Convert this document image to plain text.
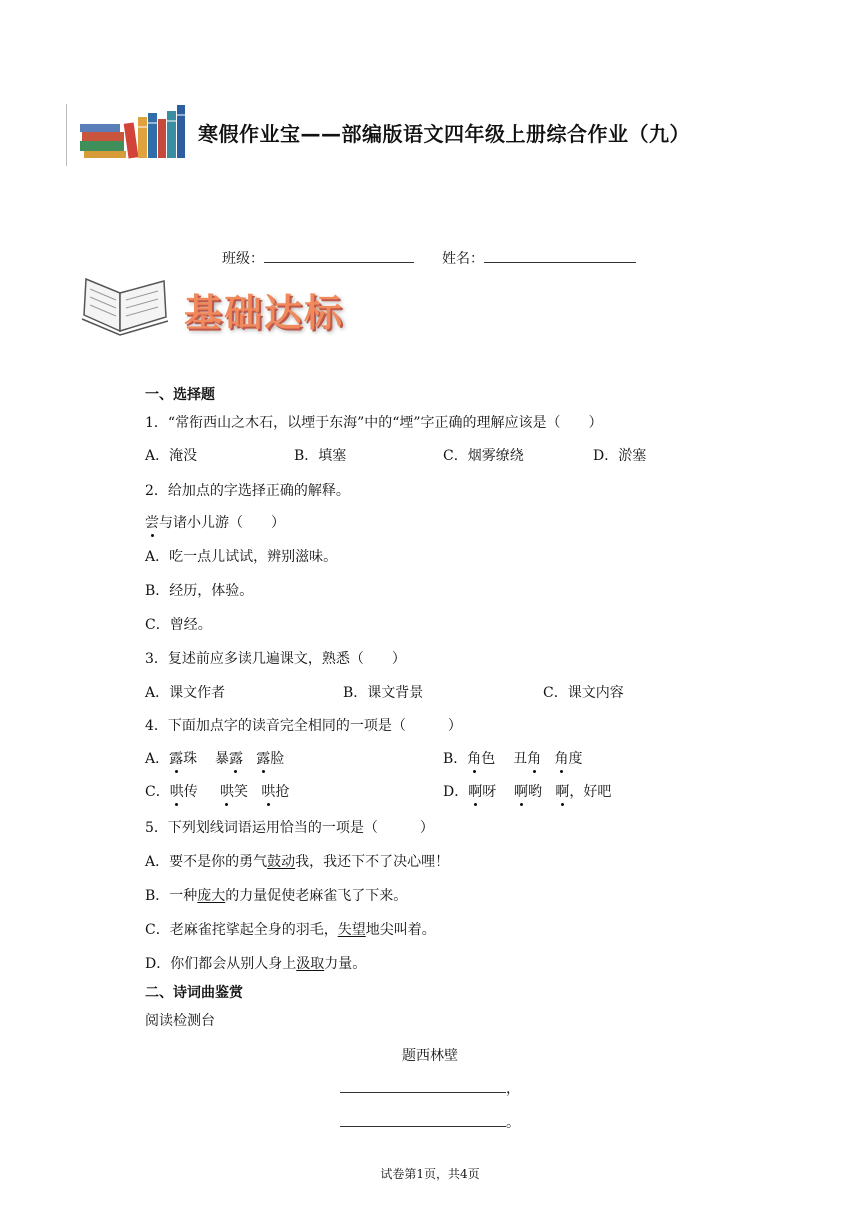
寒假作业宝——部编版语文四年级上册综合作业（九）
班级：	姓名：
基础达标
一、选择题
1．“常衔西山之木石，以堙于东海”中的“堙”字正确的理解应该是（　　）
A．淹没	B．填塞	C．烟雾缭绕	D．淤塞
2．给加点的字选择正确的解释。
尝与诸小儿游（　　）
A．吃一点儿试试，辨别滋味。
B．经历，体验。
C．曾经。
3．复述前应多读几遍课文，熟悉（　　）
A．课文作者	B．课文背景	C．课文内容
4．下面加点字的读音完全相同的一项是（　　　）
A．露珠 暴露 露脸	B．角色 丑角 角度
C．哄传 哄笑 哄抢	D．啊呀 啊哟 啊，好吧
5．下列划线词语运用恰当的一项是（　　　）
A．要不是你的勇气鼓动我，我还下不了决心哩！
B．一种庞大的力量促使老麻雀飞了下来。
C．老麻雀挓挲起全身的羽毛，失望地尖叫着。
D．你们都会从别人身上汲取力量。
二、诗词曲鉴赏
阅读检测台
题西林壁
，
。
试卷第1页，共4页
